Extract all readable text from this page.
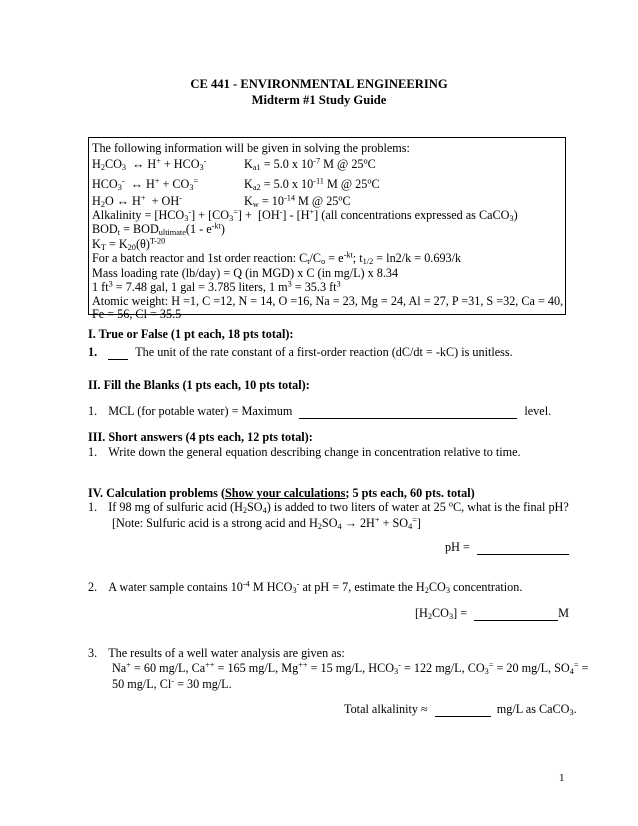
CE 441 - ENVIRONMENTAL ENGINEERING
Midterm #1 Study Guide
The following information will be given in solving the problems:
$H_2CO_3$  ↔ $H^+ + HCO_3^-$	$K_{a1} = 5.0$ x $10^{-7}$ M @ 25$^o$C
$HCO_3^-$  ↔ $H^+ + CO_3^=$	$K_{a2} = 5.0$ x $10^{-11}$ M @ 25$^o$C
$H_2O$ ↔ H+  + OH-	$K_w = 10^{-14}$ M @ 25$^o$C
Alkalinity = $[HCO_3^-] + [CO_3^=] + [OH^-] - [H^+]$ (all concentrations expressed as CaCO$_3$)
$BOD_t = BOD_{ultimate}(1 - e^{-kt})$
$K_T = K_{20}(\theta)^{T-20}$
For a batch reactor and 1st order reaction: $C_t/C_o = e^{-kt}$; $t_{1/2} = \ln 2/k = 0.693/k$
Mass loading rate (lb/day) = Q (in MGD) x C (in mg/L) x 8.34
1 $ft^3 = 7.48$ gal, 1 gal = 3.785 liters, 1 $m^3 = 35.3$ $ft^3$
Atomic weight: H =1, C =12, N = 14, O =16, Na = 23, Mg = 24, Al = 27, P =31, S =32, Ca = 40,
Fe = 56, Cl = 35.5
I. True or False (1 pt each, 18 pts total):
1.	The unit of the rate constant of a first-order reaction (dC/dt = -kC) is unitless.
II. Fill the Blanks (1 pts each, 10 pts total):
1. MCL (for potable water) = Maximum	level.
III. Short answers (4 pts each, 12 pts total):
1. Write down the general equation describing change in concentration relative to time.
IV. Calculation problems (Show your calculations; 5 pts each, 60 pts. total)
1. If 98 mg of sulfuric acid $(H_2SO_4)$ is added to two liters of water at 25 $^o$C, what is the final pH?
[Note: Sulfuric acid is a strong acid and $H_2SO_4 \to 2H^+ + SO_4^=$]
pH =
2. A water sample contains $10^{-4}$ M $HCO_3^-$ at pH = 7, estimate the $H_2CO_3$ concentration.
$[H_2CO_3]$ =	M
3. The results of a well water analysis are given as:
Na+ = 60 mg/L, Ca++ = 165 mg/L, Mg++ = 15 mg/L, $HCO_3^- = 122$ mg/L, $CO_3^= = 20$ mg/L, $SO_4^=$ =
50 mg/L, Cl- = 30 mg/L.
Total alkalinity ≈	mg/L as CaCO$_3$.
1
